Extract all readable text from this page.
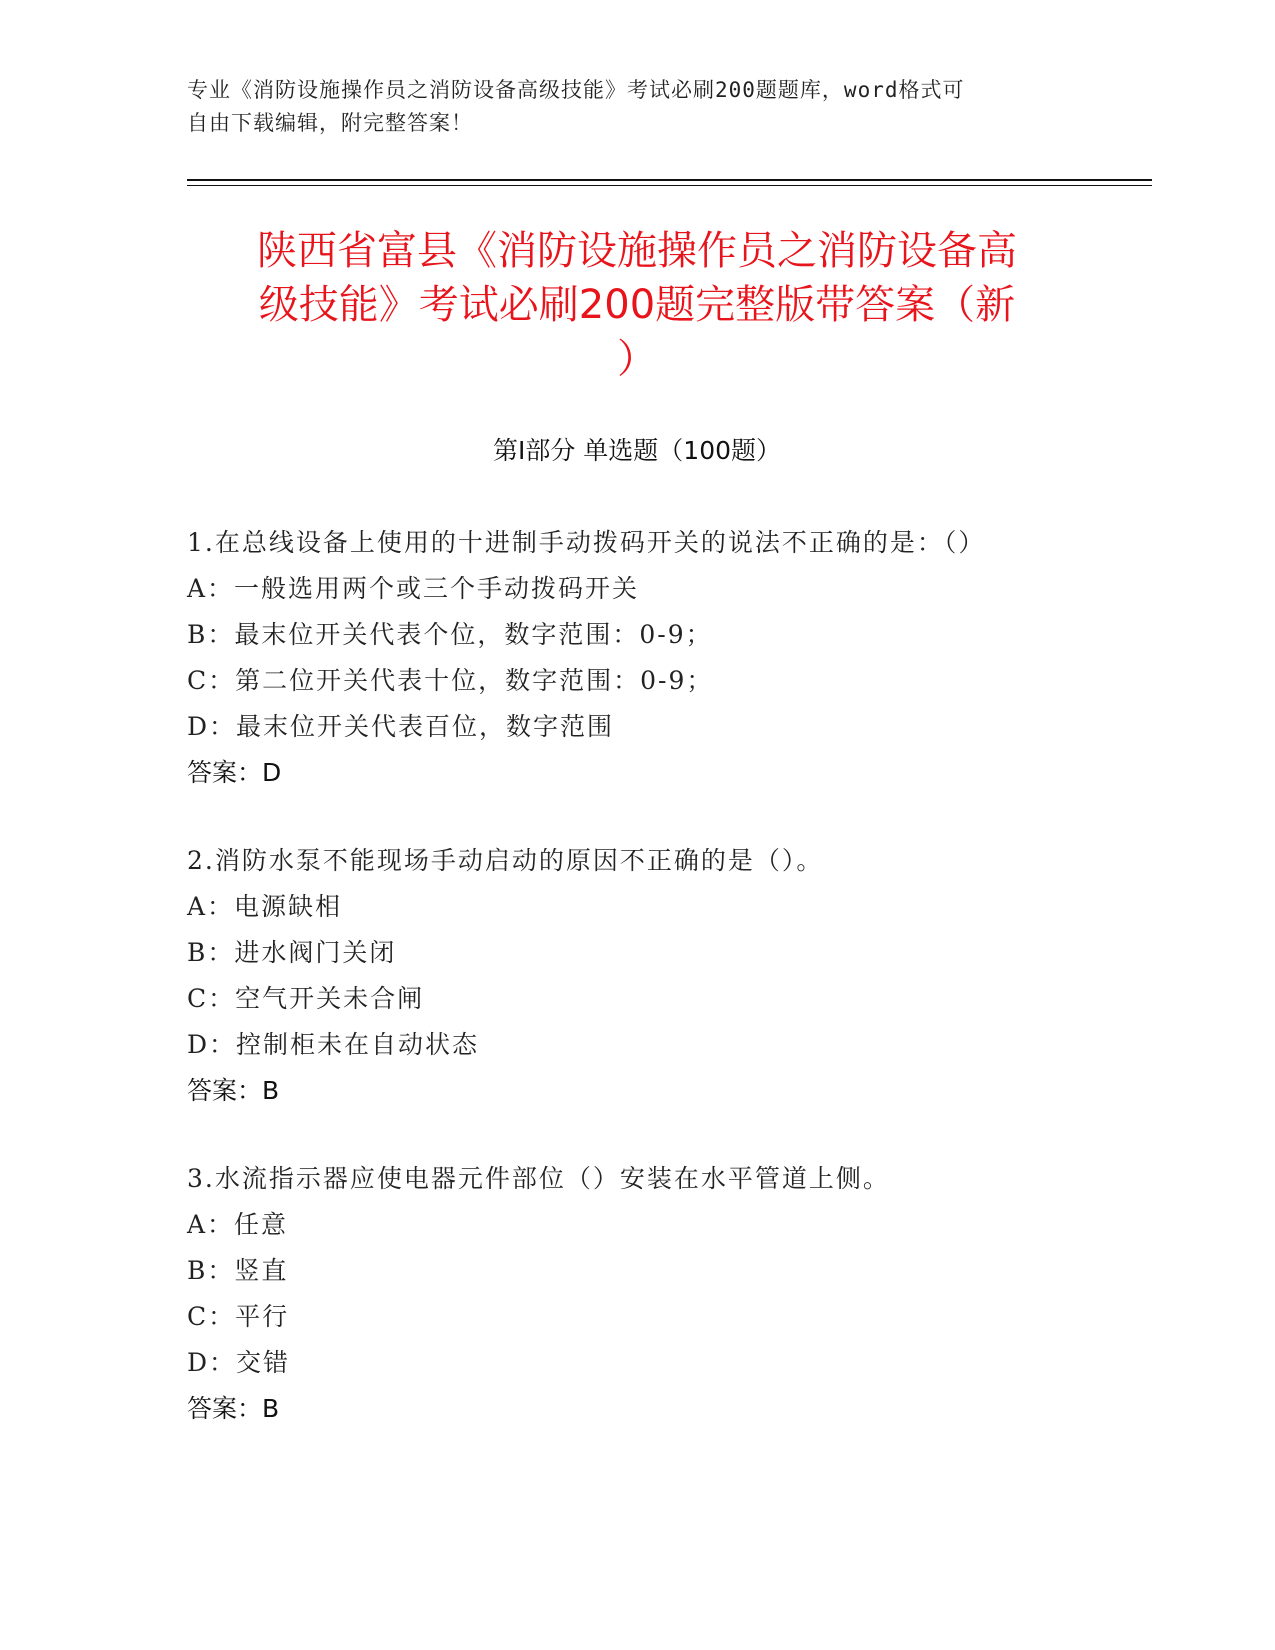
专业《消防设施操作员之消防设备高级技能》考试必刷200题题库，word格式可
自由下载编辑，附完整答案！
陕西省富县《消防设施操作员之消防设备高
级技能》考试必刷200题完整版带答案（新
）
第Ⅰ部分 单选题（100题）
1.在总线设备上使用的十进制手动拨码开关的说法不正确的是：（）
A：一般选用两个或三个手动拨码开关
B：最末位开关代表个位，数字范围：0-9；
C：第二位开关代表十位，数字范围：0-9；
D：最末位开关代表百位，数字范围
答案：D
2.消防水泵不能现场手动启动的原因不正确的是（）。
A：电源缺相
B：进水阀门关闭
C：空气开关未合闸
D：控制柜未在自动状态
答案：B
3.水流指示器应使电器元件部位（）安装在水平管道上侧。
A：任意
B：竖直
C：平行
D：交错
答案：B
